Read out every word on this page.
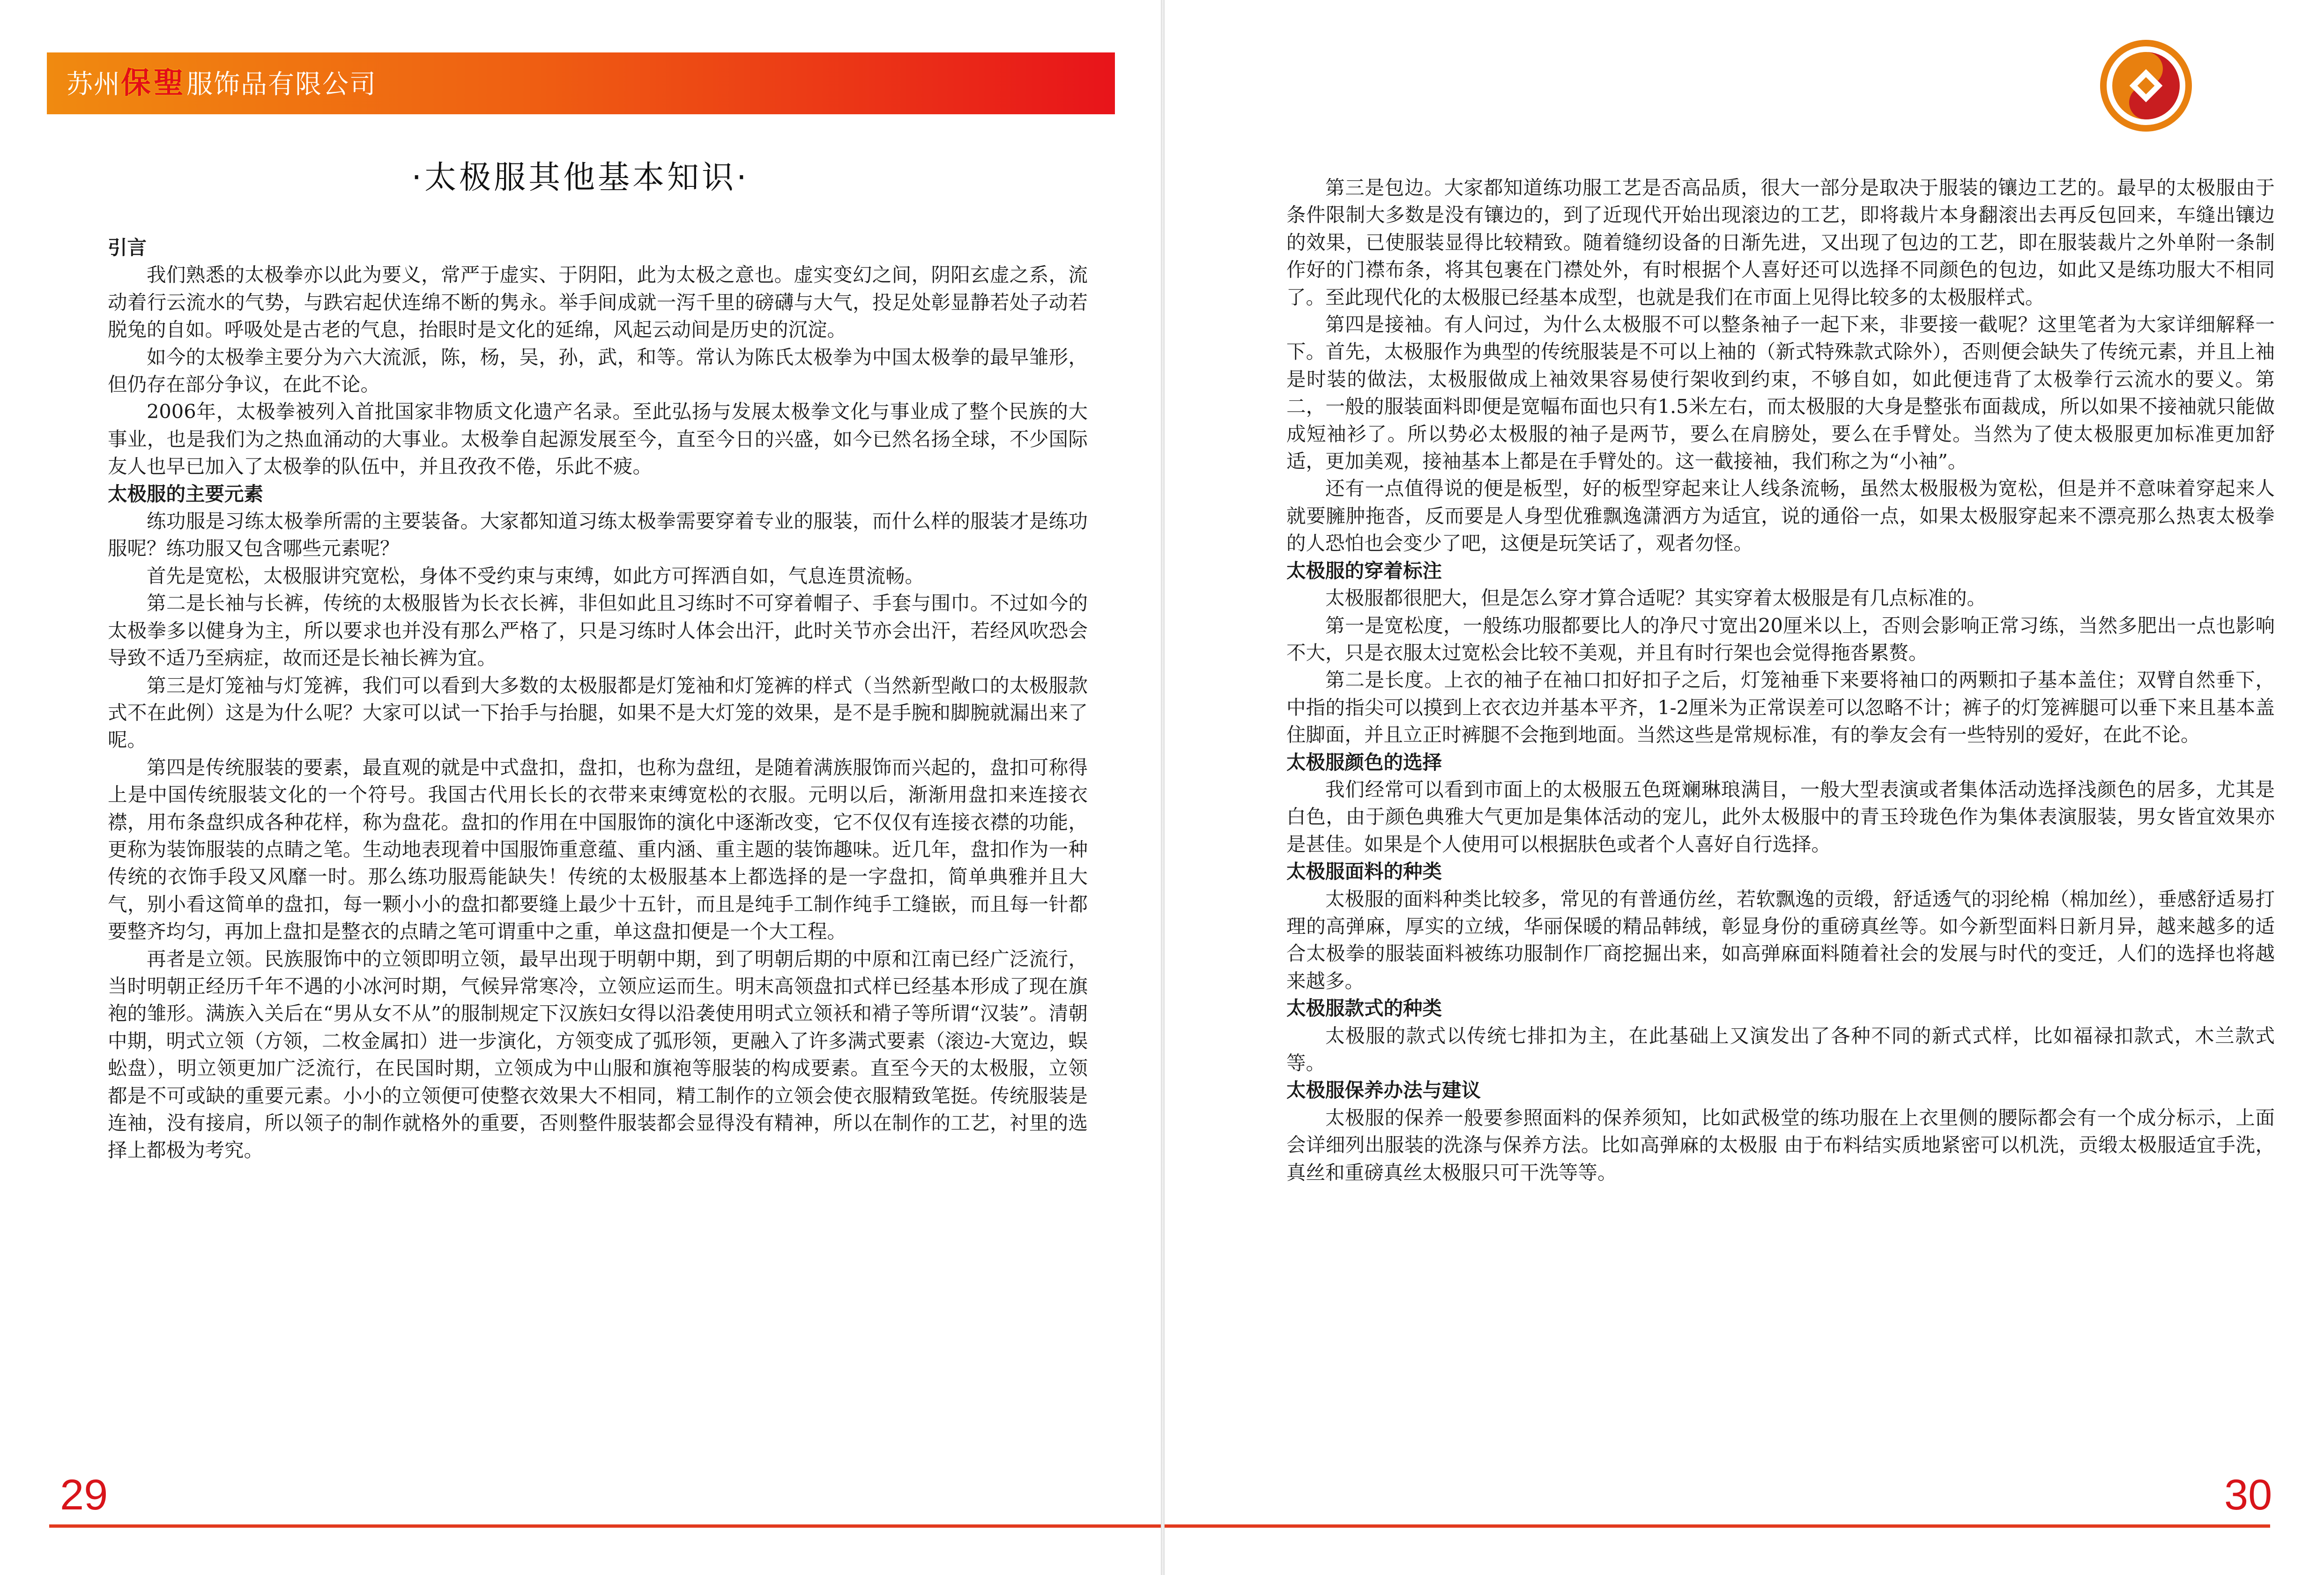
苏州保聖服饰品有限公司
·太极服其他基本知识·
引言

我们熟悉的太极拳亦以此为要义，常严于虚实、于阴阳，此为太极之意也。虚实变幻之间，阴阳玄虚之系，流动着行云流水的气势，与跌宕起伏连绵不断的隽永。举手间成就一泻千里的磅礴与大气，投足处彰显静若处子动若脱兔的自如。呼吸处是古老的气息，抬眼时是文化的延绵，风起云动间是历史的沉淀。

如今的太极拳主要分为六大流派，陈，杨，吴，孙，武，和等。常认为陈氏太极拳为中国太极拳的最早雏形，但仍存在部分争议，在此不论。

2006年，太极拳被列入首批国家非物质文化遗产名录。至此弘扬与发展太极拳文化与事业成了整个民族的大事业，也是我们为之热血涌动的大事业。太极拳自起源发展至今，直至今日的兴盛，如今已然名扬全球，不少国际友人也早已加入了太极拳的队伍中，并且孜孜不倦，乐此不疲。

太极服的主要元素

练功服是习练太极拳所需的主要装备。大家都知道习练太极拳需要穿着专业的服装，而什么样的服装才是练功服呢？练功服又包含哪些元素呢？

首先是宽松，太极服讲究宽松，身体不受约束与束缚，如此方可挥洒自如，气息连贯流畅。

第二是长袖与长裤，传统的太极服皆为长衣长裤，非但如此且习练时不可穿着帽子、手套与围巾。不过如今的太极拳多以健身为主，所以要求也并没有那么严格了，只是习练时人体会出汗，此时关节亦会出汗，若经风吹恐会导致不适乃至病症，故而还是长袖长裤为宜。

第三是灯笼袖与灯笼裤，我们可以看到大多数的太极服都是灯笼袖和灯笼裤的样式（当然新型敞口的太极服款式不在此例）这是为什么呢？大家可以试一下抬手与抬腿，如果不是大灯笼的效果，是不是手腕和脚腕就漏出来了呢。

第四是传统服装的要素，最直观的就是中式盘扣，盘扣，也称为盘纽，是随着满族服饰而兴起的，盘扣可称得上是中国传统服装文化的一个符号。我国古代用长长的衣带来束缚宽松的衣服。元明以后，渐渐用盘扣来连接衣襟，用布条盘织成各种花样，称为盘花。盘扣的作用在中国服饰的演化中逐渐改变，它不仅仅有连接衣襟的功能，更称为装饰服装的点睛之笔。生动地表现着中国服饰重意蕴、重内涵、重主题的装饰趣味。近几年，盘扣作为一种传统的衣饰手段又风靡一时。那么练功服焉能缺失！传统的太极服基本上都选择的是一字盘扣，简单典雅并且大气，别小看这简单的盘扣，每一颗小小的盘扣都要缝上最少十五针，而且是纯手工制作纯手工缝嵌，而且每一针都要整齐均匀，再加上盘扣是整衣的点睛之笔可谓重中之重，单这盘扣便是一个大工程。

再者是立领。民族服饰中的立领即明立领，最早出现于明朝中期，到了明朝后期的中原和江南已经广泛流行，当时明朝正经历千年不遇的小冰河时期，气候异常寒冷，立领应运而生。明末高领盘扣式样已经基本形成了现在旗袍的雏形。满族入关后在“男从女不从”的服制规定下汉族妇女得以沿袭使用明式立领袄和褙子等所谓“汉装”。清朝中期，明式立领（方领，二枚金属扣）进一步演化，方领变成了弧形领，更融入了许多满式要素（滚边-大宽边，蜈蚣盘），明立领更加广泛流行，在民国时期，立领成为中山服和旗袍等服装的构成要素。直至今天的太极服，立领都是不可或缺的重要元素。小小的立领便可使整衣效果大不相同，精工制作的立领会使衣服精致笔挺。传统服装是连袖，没有接肩，所以领子的制作就格外的重要，否则整件服装都会显得没有精神，所以在制作的工艺，衬里的选择上都极为考究。

29

第三是包边。大家都知道练功服工艺是否高品质，很大一部分是取决于服装的镶边工艺的。最早的太极服由于条件限制大多数是没有镶边的，到了近现代开始出现滚边的工艺，即将裁片本身翻滚出去再反包回来，车缝出镶边的效果，已使服装显得比较精致。随着缝纫设备的日渐先进，又出现了包边的工艺，即在服装裁片之外单附一条制作好的门襟布条，将其包裹在门襟处外，有时根据个人喜好还可以选择不同颜色的包边，如此又是练功服大不相同了。至此现代化的太极服已经基本成型，也就是我们在市面上见得比较多的太极服样式。

第四是接袖。有人问过，为什么太极服不可以整条袖子一起下来，非要接一截呢？这里笔者为大家详细解释一下。首先，太极服作为典型的传统服装是不可以上袖的（新式特殊款式除外），否则便会缺失了传统元素，并且上袖是时装的做法，太极服做成上袖效果容易使行架收到约束，不够自如，如此便违背了太极拳行云流水的要义。第二，一般的服装面料即便是宽幅布面也只有1.5米左右，而太极服的大身是整张布面裁成，所以如果不接袖就只能做成短袖衫了。所以势必太极服的袖子是两节，要么在肩膀处，要么在手臂处。当然为了使太极服更加标准更加舒适，更加美观，接袖基本上都是在手臂处的。这一截接袖，我们称之为“小袖”。

还有一点值得说的便是板型，好的板型穿起来让人线条流畅，虽然太极服极为宽松，但是并不意味着穿起来人就要臃肿拖沓，反而要是人身型优雅飘逸潇洒方为适宜，说的通俗一点，如果太极服穿起来不漂亮那么热衷太极拳的人恐怕也会变少了吧，这便是玩笑话了，观者勿怪。

太极服的穿着标注

太极服都很肥大，但是怎么穿才算合适呢？其实穿着太极服是有几点标准的。

第一是宽松度，一般练功服都要比人的净尺寸宽出20厘米以上，否则会影响正常习练，当然多肥出一点也影响不大，只是衣服太过宽松会比较不美观，并且有时行架也会觉得拖沓累赘。

第二是长度。上衣的袖子在袖口扣好扣子之后，灯笼袖垂下来要将袖口的两颗扣子基本盖住；双臂自然垂下，中指的指尖可以摸到上衣衣边并基本平齐，1-2厘米为正常误差可以忽略不计；裤子的灯笼裤腿可以垂下来且基本盖住脚面，并且立正时裤腿不会拖到地面。当然这些是常规标准，有的拳友会有一些特别的爱好，在此不论。

太极服颜色的选择

我们经常可以看到市面上的太极服五色斑斓琳琅满目，一般大型表演或者集体活动选择浅颜色的居多，尤其是白色，由于颜色典雅大气更加是集体活动的宠儿，此外太极服中的青玉玲珑色作为集体表演服装，男女皆宜效果亦是甚佳。如果是个人使用可以根据肤色或者个人喜好自行选择。

太极服面料的种类

太极服的面料种类比较多，常见的有普通仿丝，若软飘逸的贡缎，舒适透气的羽纶棉（棉加丝），垂感舒适易打理的高弹麻，厚实的立绒，华丽保暖的精品韩绒，彰显身份的重磅真丝等。如今新型面料日新月异，越来越多的适合太极拳的服装面料被练功服制作厂商挖掘出来，如高弹麻面料随着社会的发展与时代的变迁，人们的选择也将越来越多。

太极服款式的种类

太极服的款式以传统七排扣为主，在此基础上又演发出了各种不同的新式式样，比如福禄扣款式，木兰款式等。

太极服保养办法与建议

太极服的保养一般要参照面料的保养须知，比如武极堂的练功服在上衣里侧的腰际都会有一个成分标示，上面会详细列出服装的洗涤与保养方法。比如高弹麻的太极服 由于布料结实质地紧密可以机洗，贡缎太极服适宜手洗，真丝和重磅真丝太极服只可干洗等等。

30
